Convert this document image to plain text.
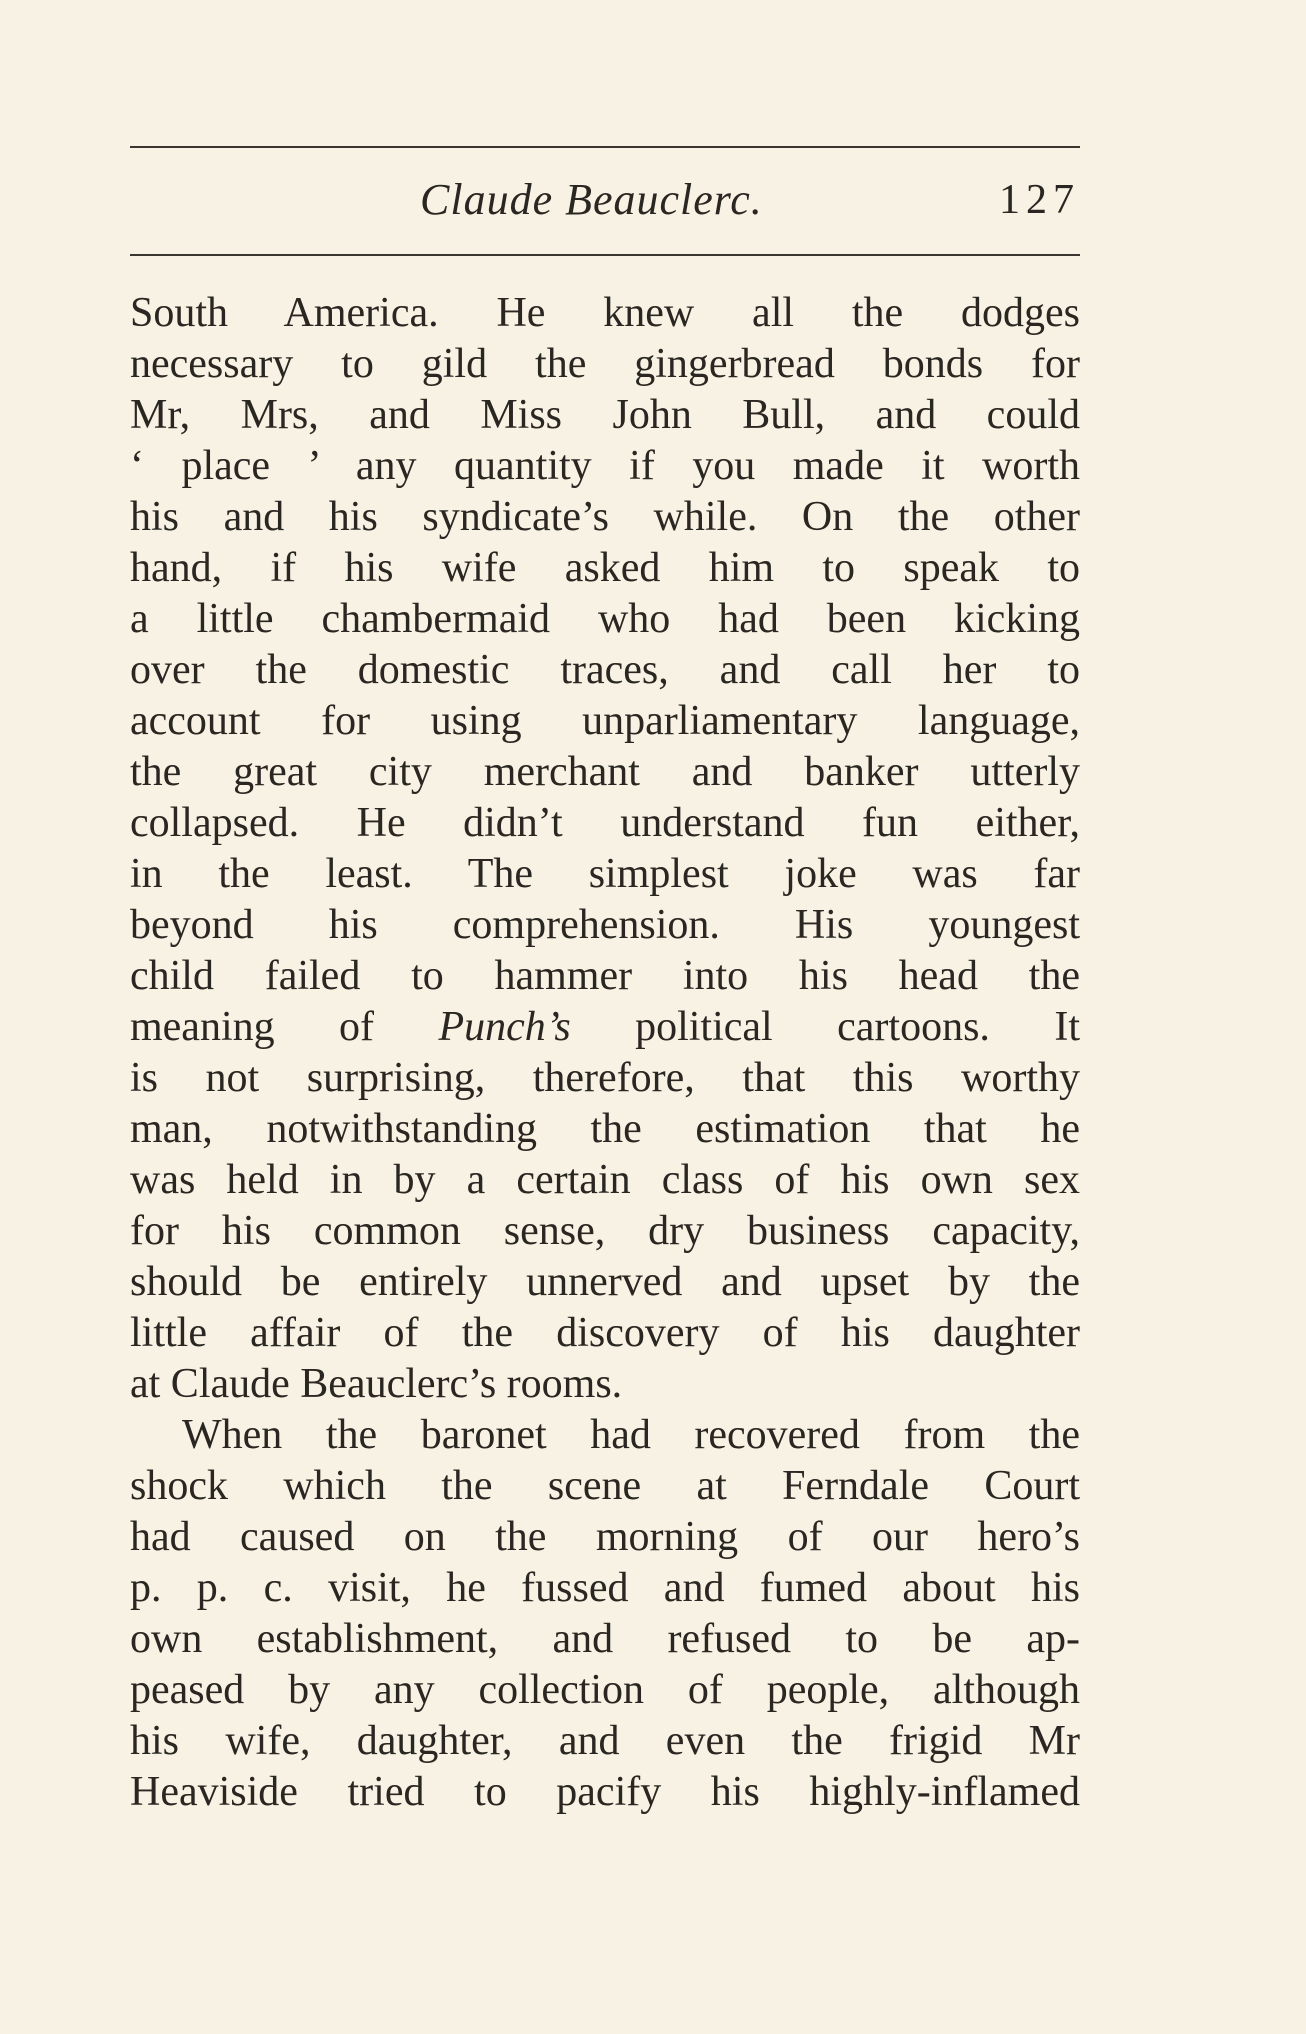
Claude Beauclerc.	127
South America. He knew all the dodges
necessary to gild the gingerbread bonds for
Mr, Mrs, and Miss John Bull, and could
‘ place ’ any quantity if you made it worth
his and his syndicate’s while. On the other
hand, if his wife asked him to speak to
a little chambermaid who had been kicking
over the domestic traces, and call her to
account for using unparliamentary language,
the great city merchant and banker utterly
collapsed. He didn’t understand fun either,
in the least. The simplest joke was far
beyond his comprehension. His youngest
child failed to hammer into his head the
meaning of Punch’s political cartoons. It
is not surprising, therefore, that this worthy
man, notwithstanding the estimation that he
was held in by a certain class of his own sex
for his common sense, dry business capacity,
should be entirely unnerved and upset by the
little affair of the discovery of his daughter
at Claude Beauclerc’s rooms.
When the baronet had recovered from the
shock which the scene at Ferndale Court
had caused on the morning of our hero’s
p. p. c. visit, he fussed and fumed about his
own establishment, and refused to be ap-
peased by any collection of people, although
his wife, daughter, and even the frigid Mr
Heaviside tried to pacify his highly-inflamed
